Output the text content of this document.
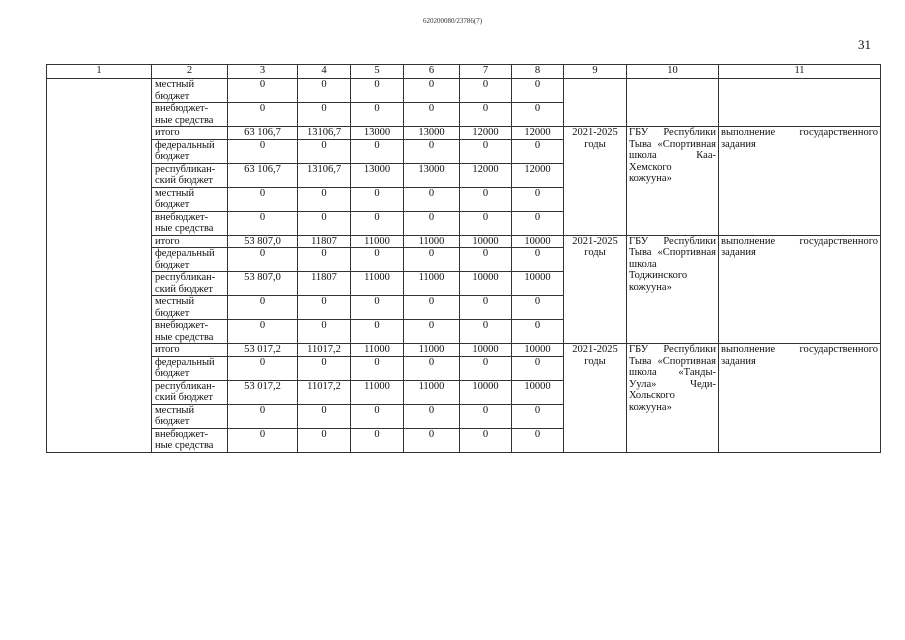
620200080/23786(7)
31
1	2	3	4	5	6	7	8	9	10	11
	местный бюджет	0	0	0	0	0	0			
	внебюджет-ные средства	0	0	0	0	0	0			
	итого	63 106,7	13106,7	13000	13000	12000	12000	2021-2025 годы	ГБУ Республики Тыва «Спортивная школа Каа-Хемского кожууна»	выполнение государственного задания
	федеральный бюджет	0	0	0	0	0	0			
	республикан-ский бюджет	63 106,7	13106,7	13000	13000	12000	12000			
	местный бюджет	0	0	0	0	0	0			
	внебюджет-ные средства	0	0	0	0	0	0			
	итого	53 807,0	11807	11000	11000	10000	10000	2021-2025 годы	ГБУ Республики Тыва «Спортивная школа Тоджинского кожууна»	выполнение государственного задания
	федеральный бюджет	0	0	0	0	0	0			
	республикан-ский бюджет	53 807,0	11807	11000	11000	10000	10000			
	местный бюджет	0	0	0	0	0	0			
	внебюджет-ные средства	0	0	0	0	0	0			
	итого	53 017,2	11017,2	11000	11000	10000	10000	2021-2025 годы	ГБУ Республики Тыва «Спортивная школа «Танды-Уула» Чеди-Хольского кожууна»	выполнение государственного задания
	федеральный бюджет	0	0	0	0	0	0			
	республикан-ский бюджет	53 017,2	11017,2	11000	11000	10000	10000			
	местный бюджет	0	0	0	0	0	0			
	внебюджет-ные средства	0	0	0	0	0	0			
